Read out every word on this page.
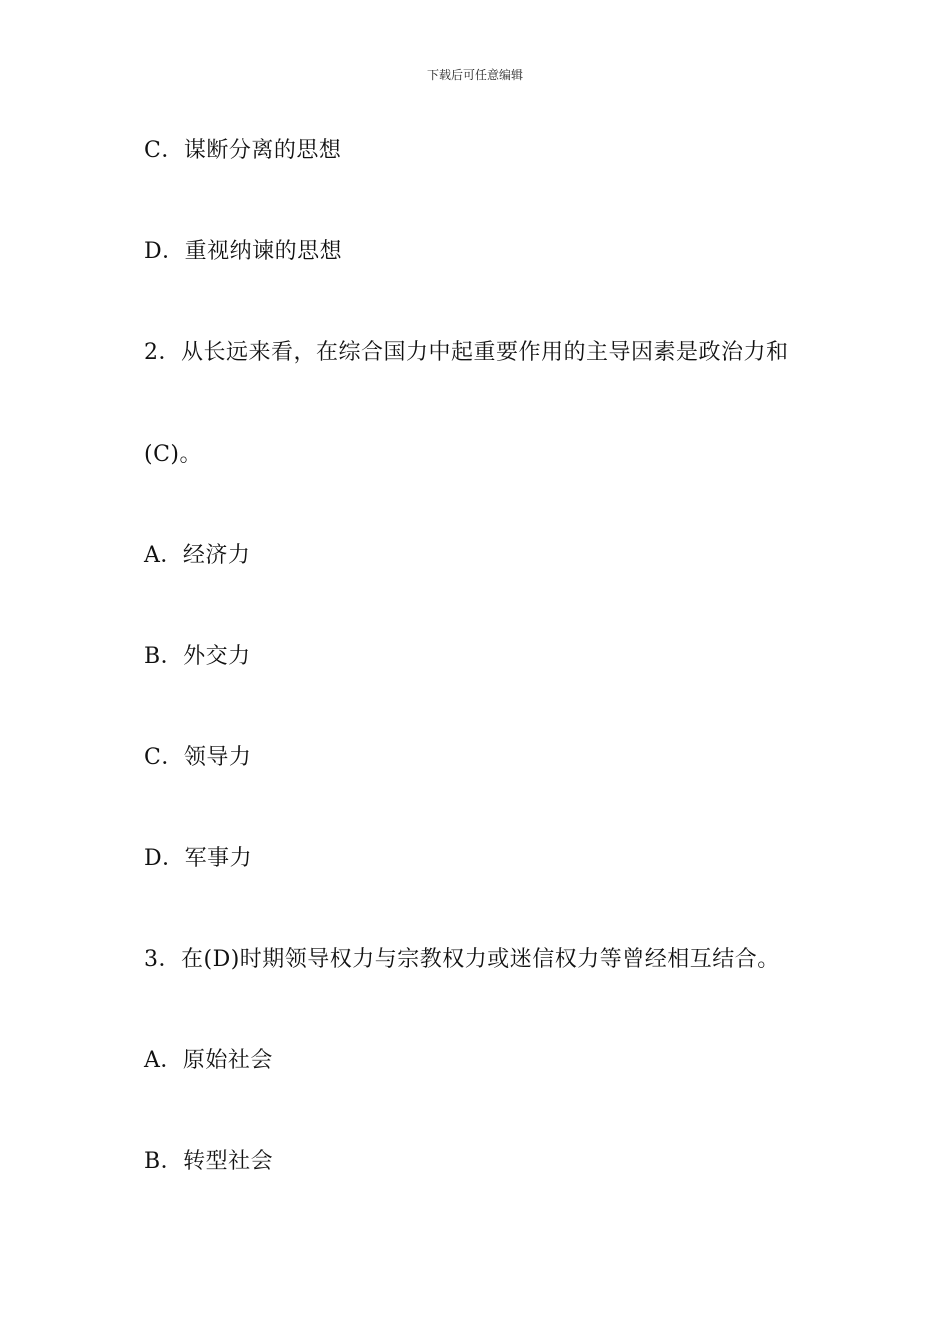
下载后可任意编辑
C．谋断分离的思想
D．重视纳谏的思想
2．从长远来看，在综合国力中起重要作用的主导因素是政治力和
(C)。
A．经济力
B．外交力
C．领导力
D．军事力
3．在(D)时期领导权力与宗教权力或迷信权力等曾经相互结合。
A．原始社会
B．转型社会
